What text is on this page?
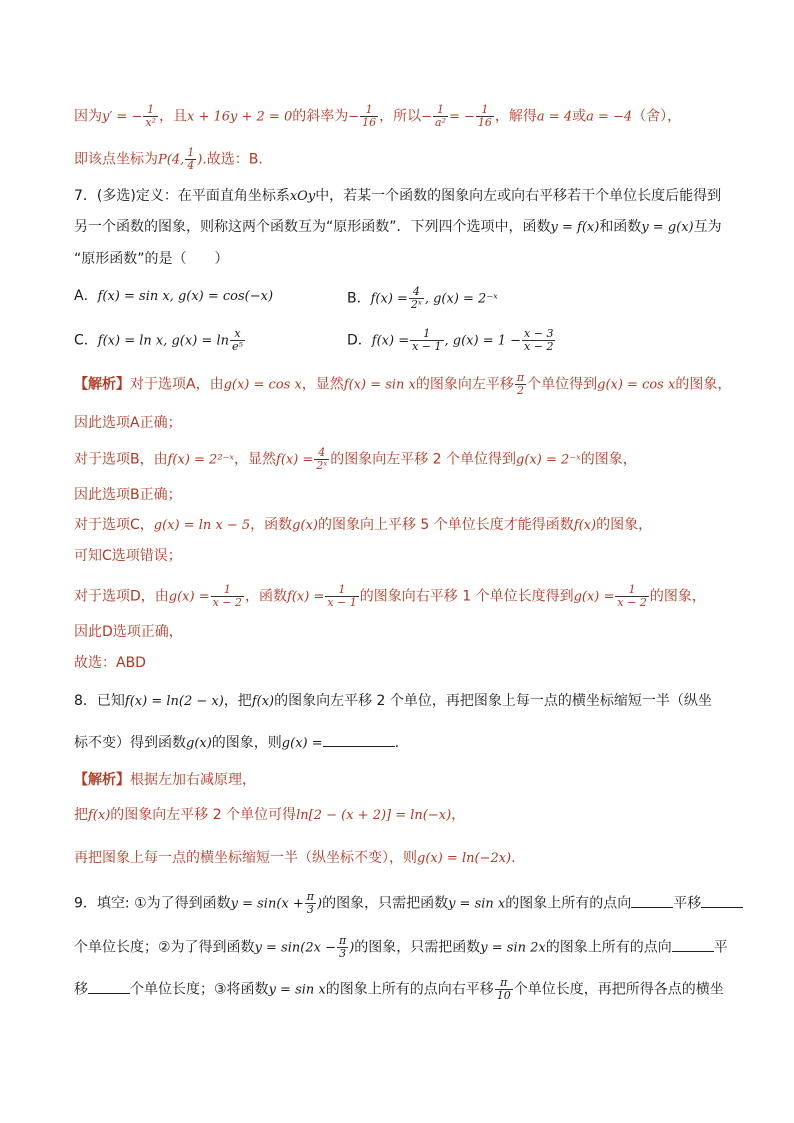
因为y′ = − $\frac{1}{\text{x²}}$ ，且x + 16y + 2 = 0的斜率为− $\frac{1}{16}$ ，所以− $\frac{1}{\text{a²}}$ = − $\frac{1}{16}$ ，解得a = 4或a = −4（舍），
即该点坐标为P(4, $\frac{1}{4}$ ).故选：B.
7．(多选)定义：在平面直角坐标系xOy中，若某一个函数的图象向左或向右平移若干个单位长度后能得到
另一个函数的图象，则称这两个函数互为“原形函数”．下列四个选项中，函数y = f(x)和函数y = g(x)互为
“原形函数”的是（　　）
A．f(x) = sin x, g(x) = cos(−x)	B．$f(x) = \frac{4}{\text{2ˣ}}$ , g(x) = 2⁻ˣ
C．f(x) = ln x, $g(x) = \ln \frac{x}{\text{e⁵}}$	D．$f(x) = \frac{1}{x - 1}$ , $g(x) = 1 - \frac{x - 3}{x - 2}$
【解析】对于选项A，由g(x) = cos x，显然f(x) = sin x的图象向左平移 $\frac{\pi}{2}$ 个单位得到g(x) = cos x的图象，
因此选项A正确；
对于选项B，由f(x) = 2²⁻ˣ，显然$f(x) = \frac{4}{\text{2ˣ}}$ 的图象向左平移 2 个单位得到g(x) = 2⁻ˣ的图象，
因此选项B正确；
对于选项C，g(x) = ln x − 5，函数g(x)的图象向上平移 5 个单位长度才能得函数f(x)的图象，
可知C选项错误；
对于选项D，由$g(x) = \frac{1}{x - 2}$ ，函数$f(x) = \frac{1}{x - 1}$ 的图象向右平移 1 个单位长度得到$g(x) = \frac{1}{x - 2}$ 的图象，
因此D选项正确，
故选：ABD
8．已知f(x) = ln(2 − x)，把f(x)的图象向左平移 2 个单位，再把图象上每一点的横坐标缩短一半（纵坐
标不变）得到函数g(x)的图象，则g(x) =	.
【解析】根据左加右减原理，
把f(x)的图象向左平移 2 个单位可得ln[2 − (x + 2)] = ln(−x)，
再把图象上每一点的横坐标缩短一半（纵坐标不变），则g(x) = ln(−2x).
9．填空: ①为了得到函数$y = \sin(x + \frac{\pi}{3}$ )的图象，只需把函数y = sin x的图象上所有的点向	平移
个单位长度；②为了得到函数$y = \sin(2x - \frac{\pi}{3}$ )的图象，只需把函数y = sin 2x的图象上所有的点向	平
移	个单位长度；③将函数y = sin x的图象上所有的点向右平移 $\frac{\pi}{10}$ 个单位长度，再把所得各点的横坐
